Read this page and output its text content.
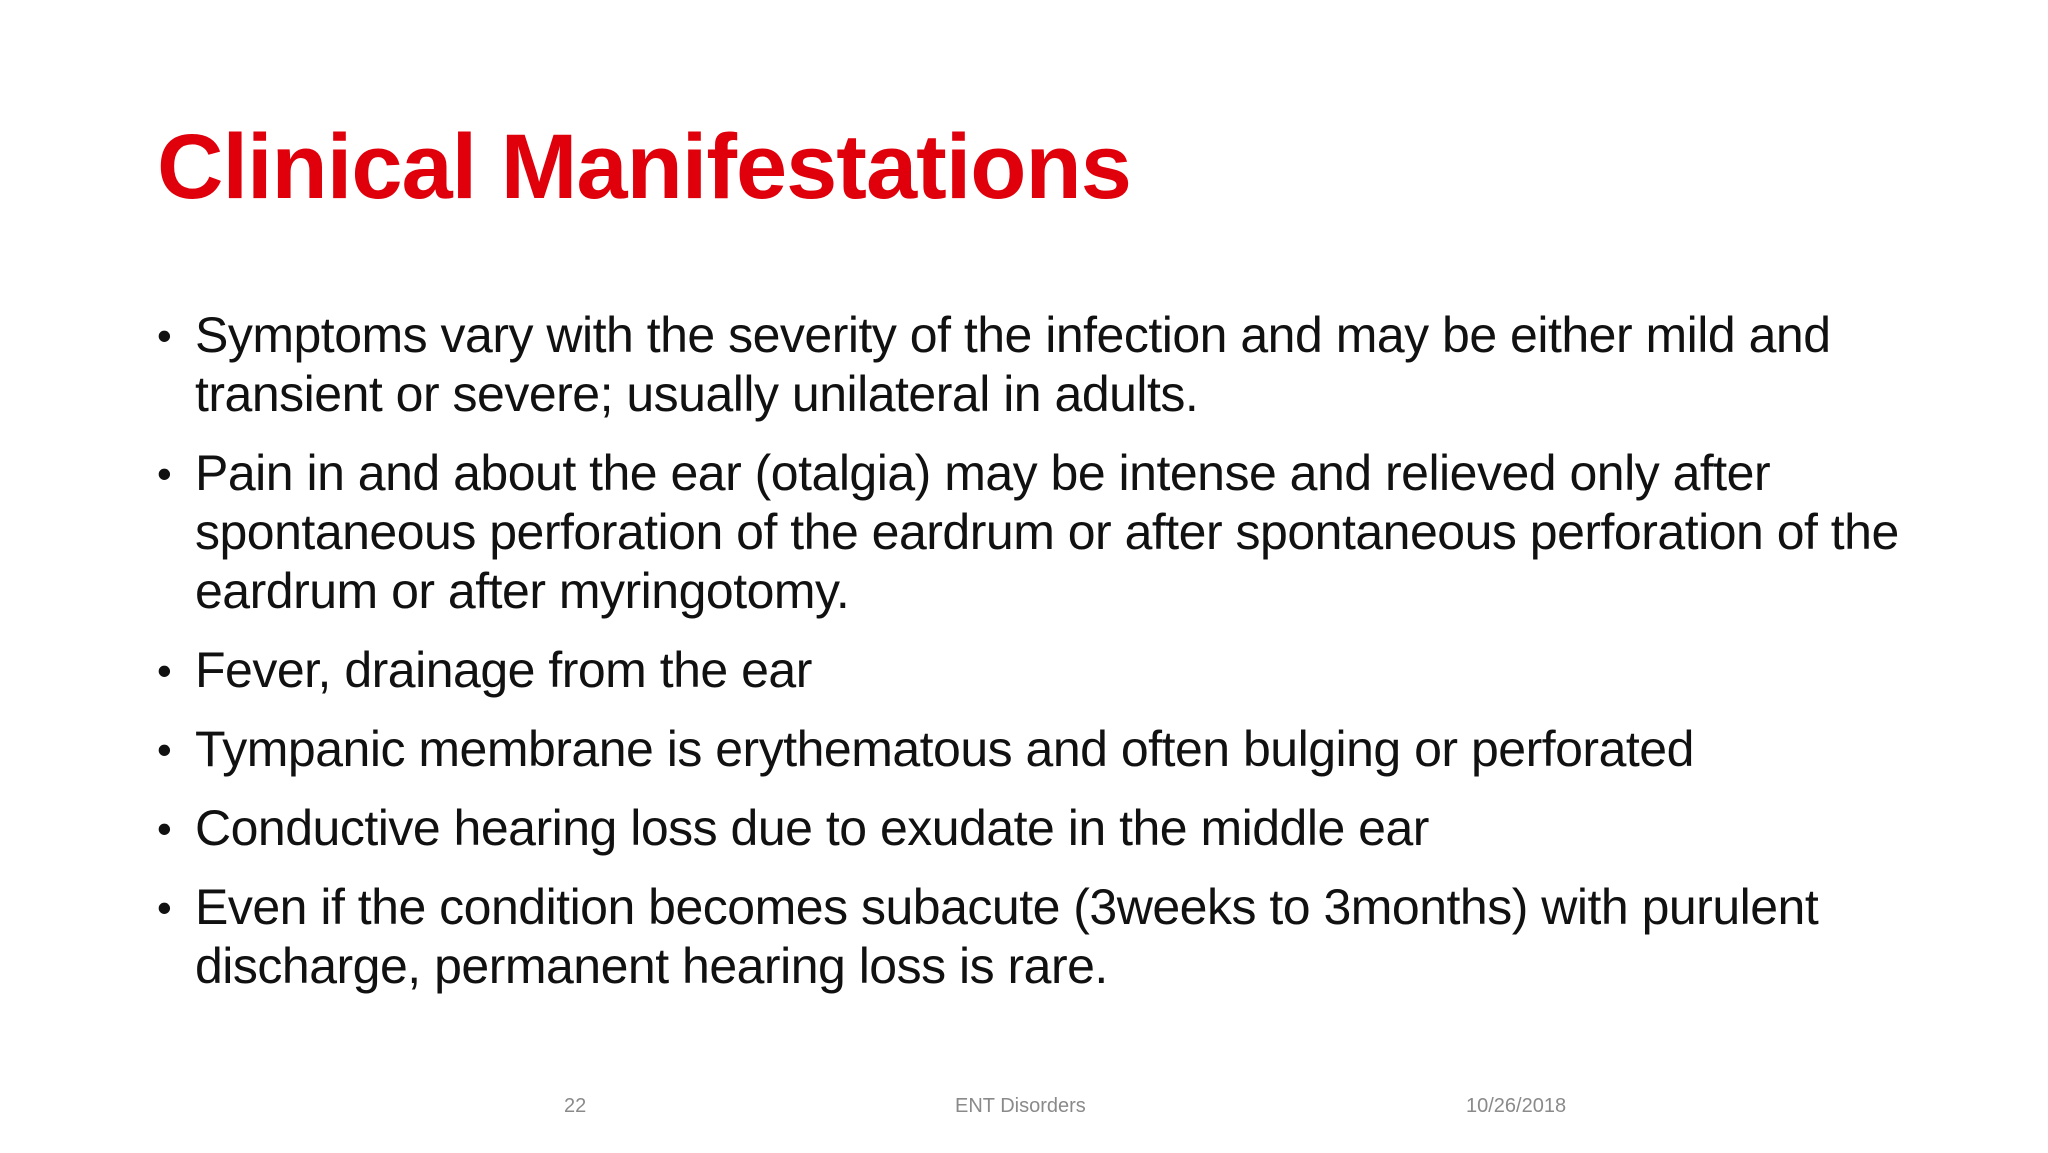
Clinical Manifestations
• Symptoms vary with the severity of the infection and may be either mild and transient or severe; usually unilateral in adults.
• Pain in and about the ear (otalgia) may be intense and relieved only after spontaneous perforation of the eardrum or after spontaneous perforation of the eardrum or after myringotomy.
• Fever, drainage from the ear
• Tympanic membrane is erythematous and often bulging or perforated
• Conductive hearing loss due to exudate in the middle ear
• Even if the condition becomes subacute (3weeks to 3months) with purulent discharge, permanent hearing loss is rare.
22	ENT Disorders	10/26/2018
